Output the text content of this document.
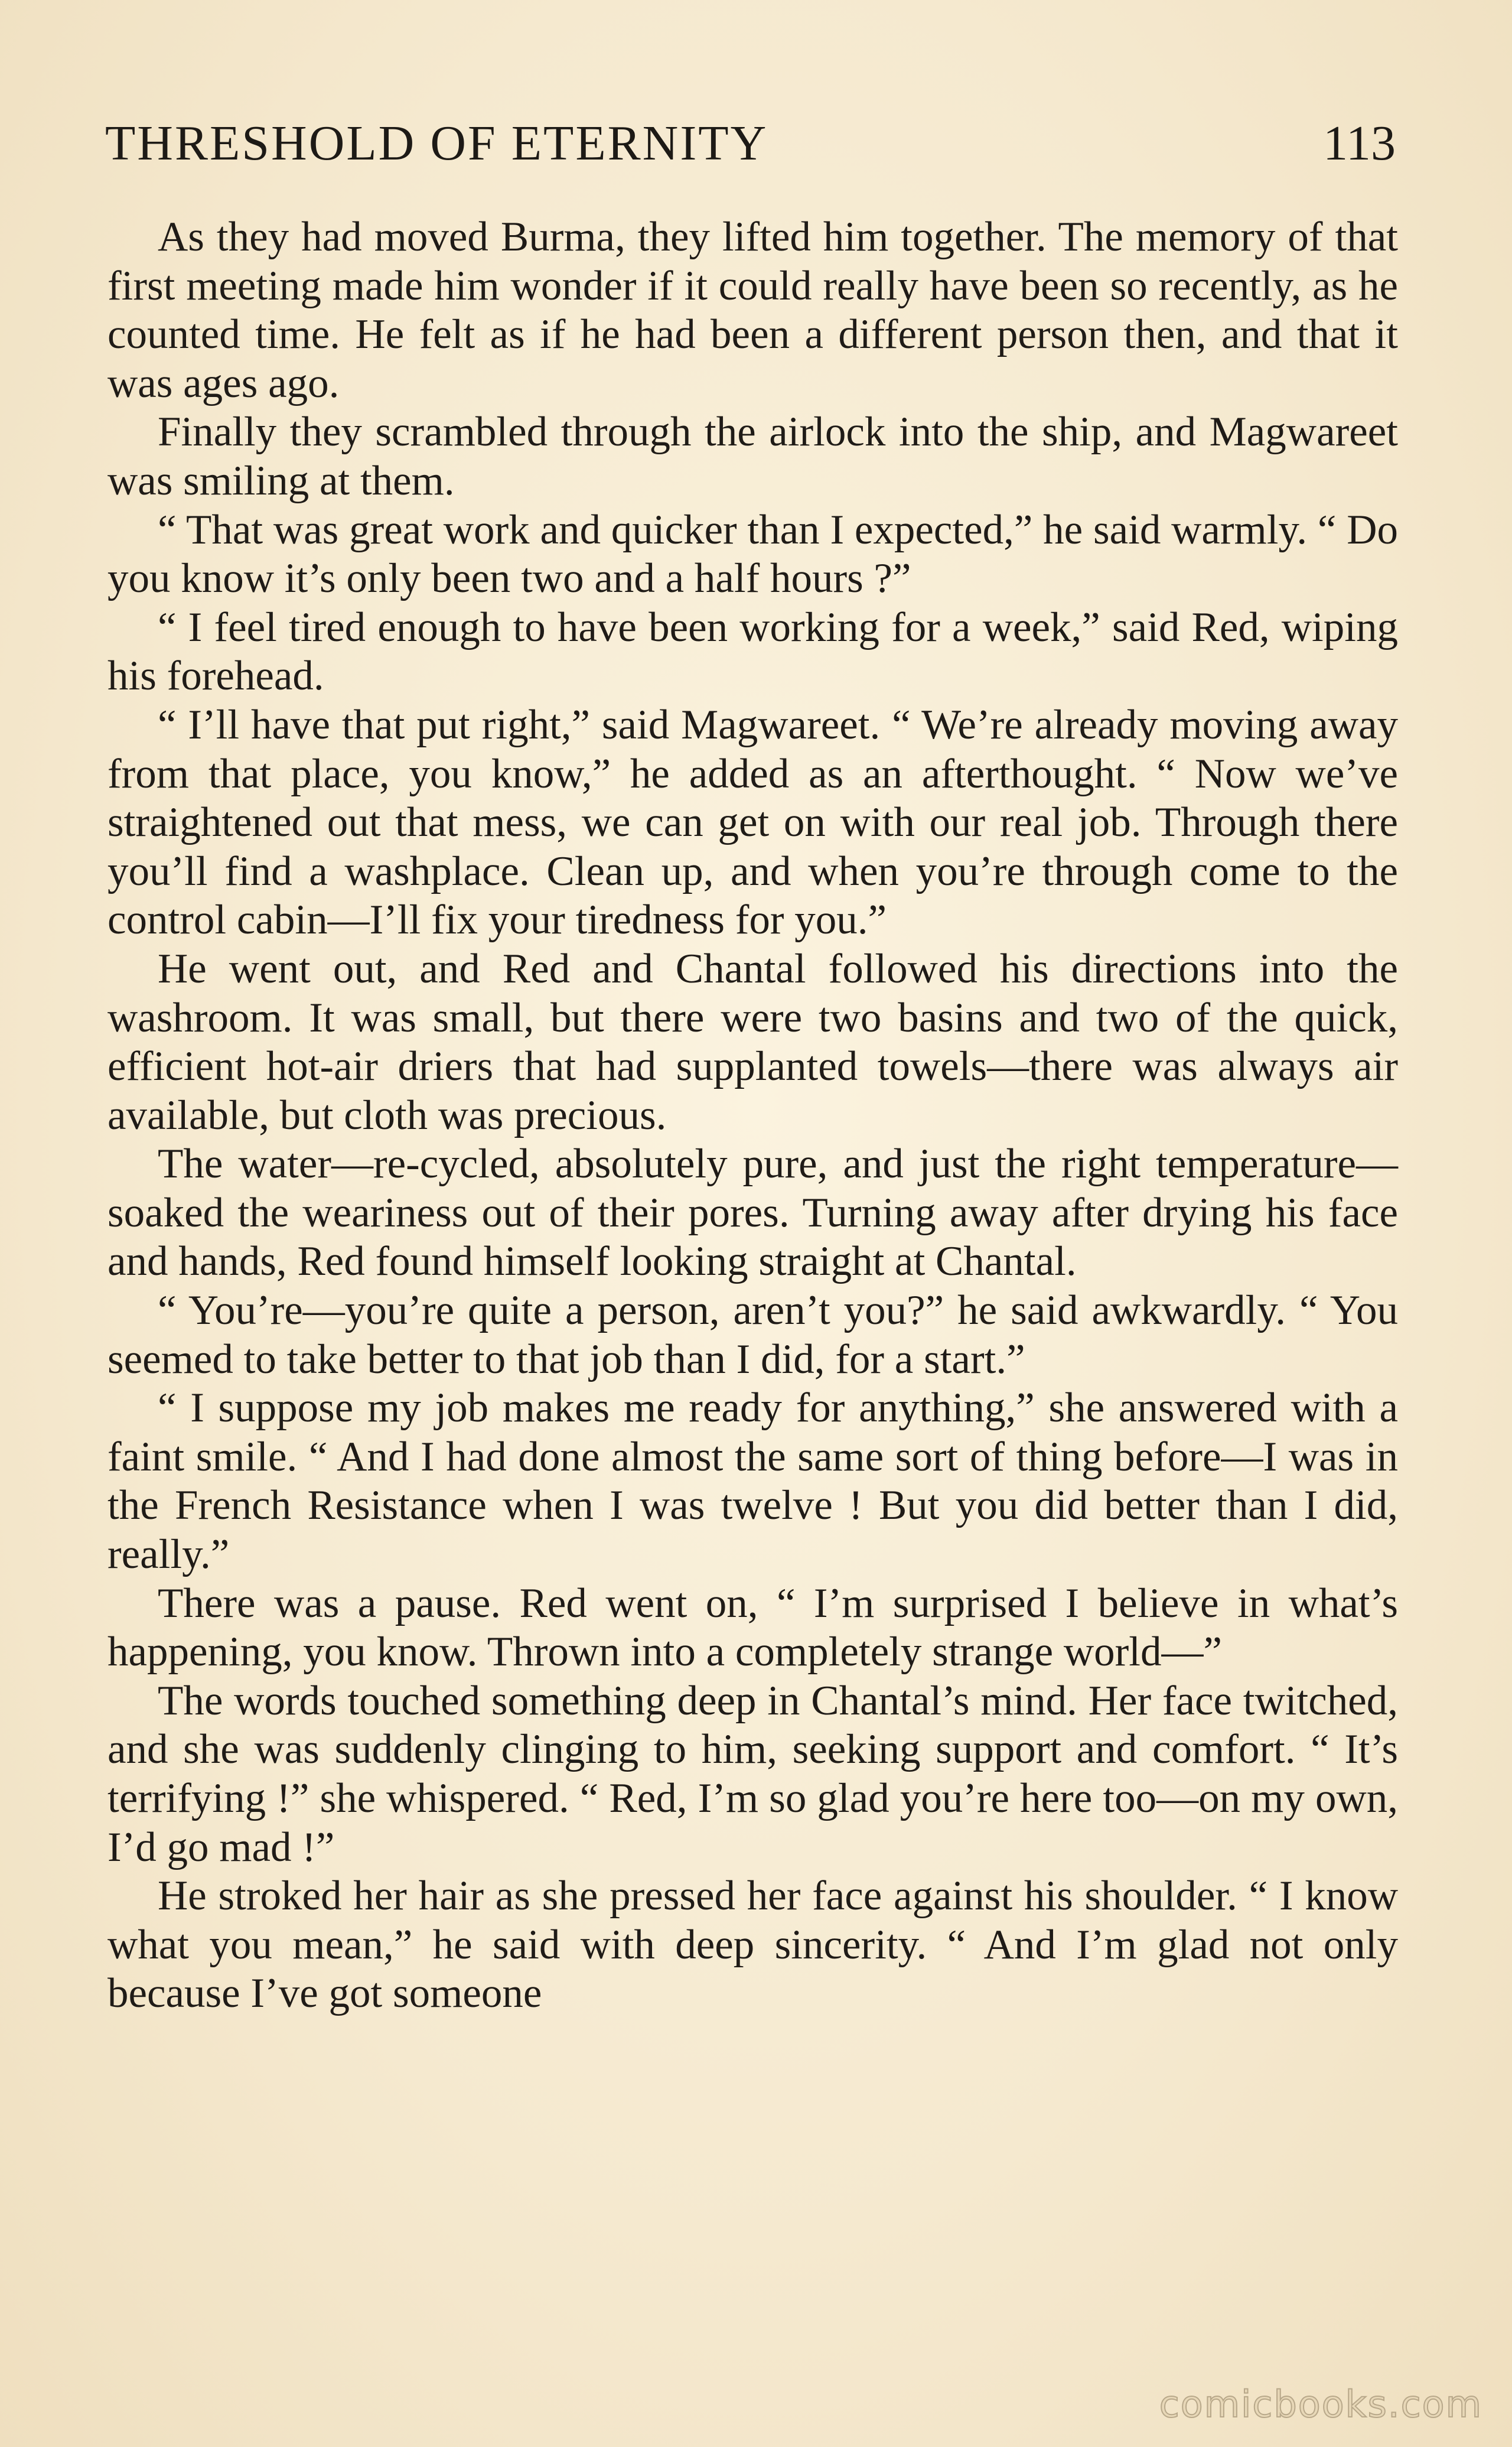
THRESHOLD OF ETERNITY	113

As they had moved Burma, they lifted him together. The memory of that first meeting made him wonder if it could really have been so recently, as he counted time. He felt as if he had been a different person then, and that it was ages ago.

Finally they scrambled through the airlock into the ship, and Magwareet was smiling at them.

“ That was great work and quicker than I expected,” he said warmly. “ Do you know it’s only been two and a half hours ?”

“ I feel tired enough to have been working for a week,” said Red, wiping his forehead.

“ I’ll have that put right,” said Magwareet. “ We’re already moving away from that place, you know,” he added as an afterthought. “ Now we’ve straightened out that mess, we can get on with our real job. Through there you’ll find a washplace. Clean up, and when you’re through come to the control cabin—I’ll fix your tiredness for you.”

He went out, and Red and Chantal followed his directions into the washroom. It was small, but there were two basins and two of the quick, efficient hot-air driers that had supplanted towels—there was always air available, but cloth was precious.

The water—re-cycled, absolutely pure, and just the right temperature—soaked the weariness out of their pores. Turning away after drying his face and hands, Red found himself looking straight at Chantal.

“ You’re—you’re quite a person, aren’t you?” he said awkwardly. “ You seemed to take better to that job than I did, for a start.”

“ I suppose my job makes me ready for anything,” she answered with a faint smile. “ And I had done almost the same sort of thing before—I was in the French Resistance when I was twelve ! But you did better than I did, really.”

There was a pause. Red went on, “ I’m surprised I believe in what’s happening, you know. Thrown into a completely strange world—”

The words touched something deep in Chantal’s mind. Her face twitched, and she was suddenly clinging to him, seeking support and comfort. “ It’s terrifying !” she whispered. “ Red, I’m so glad you’re here too—on my own, I’d go mad !”

He stroked her hair as she pressed her face against his shoulder. “ I know what you mean,” he said with deep sincerity. “ And I’m glad not only because I’ve got someone

comicbooks.com
